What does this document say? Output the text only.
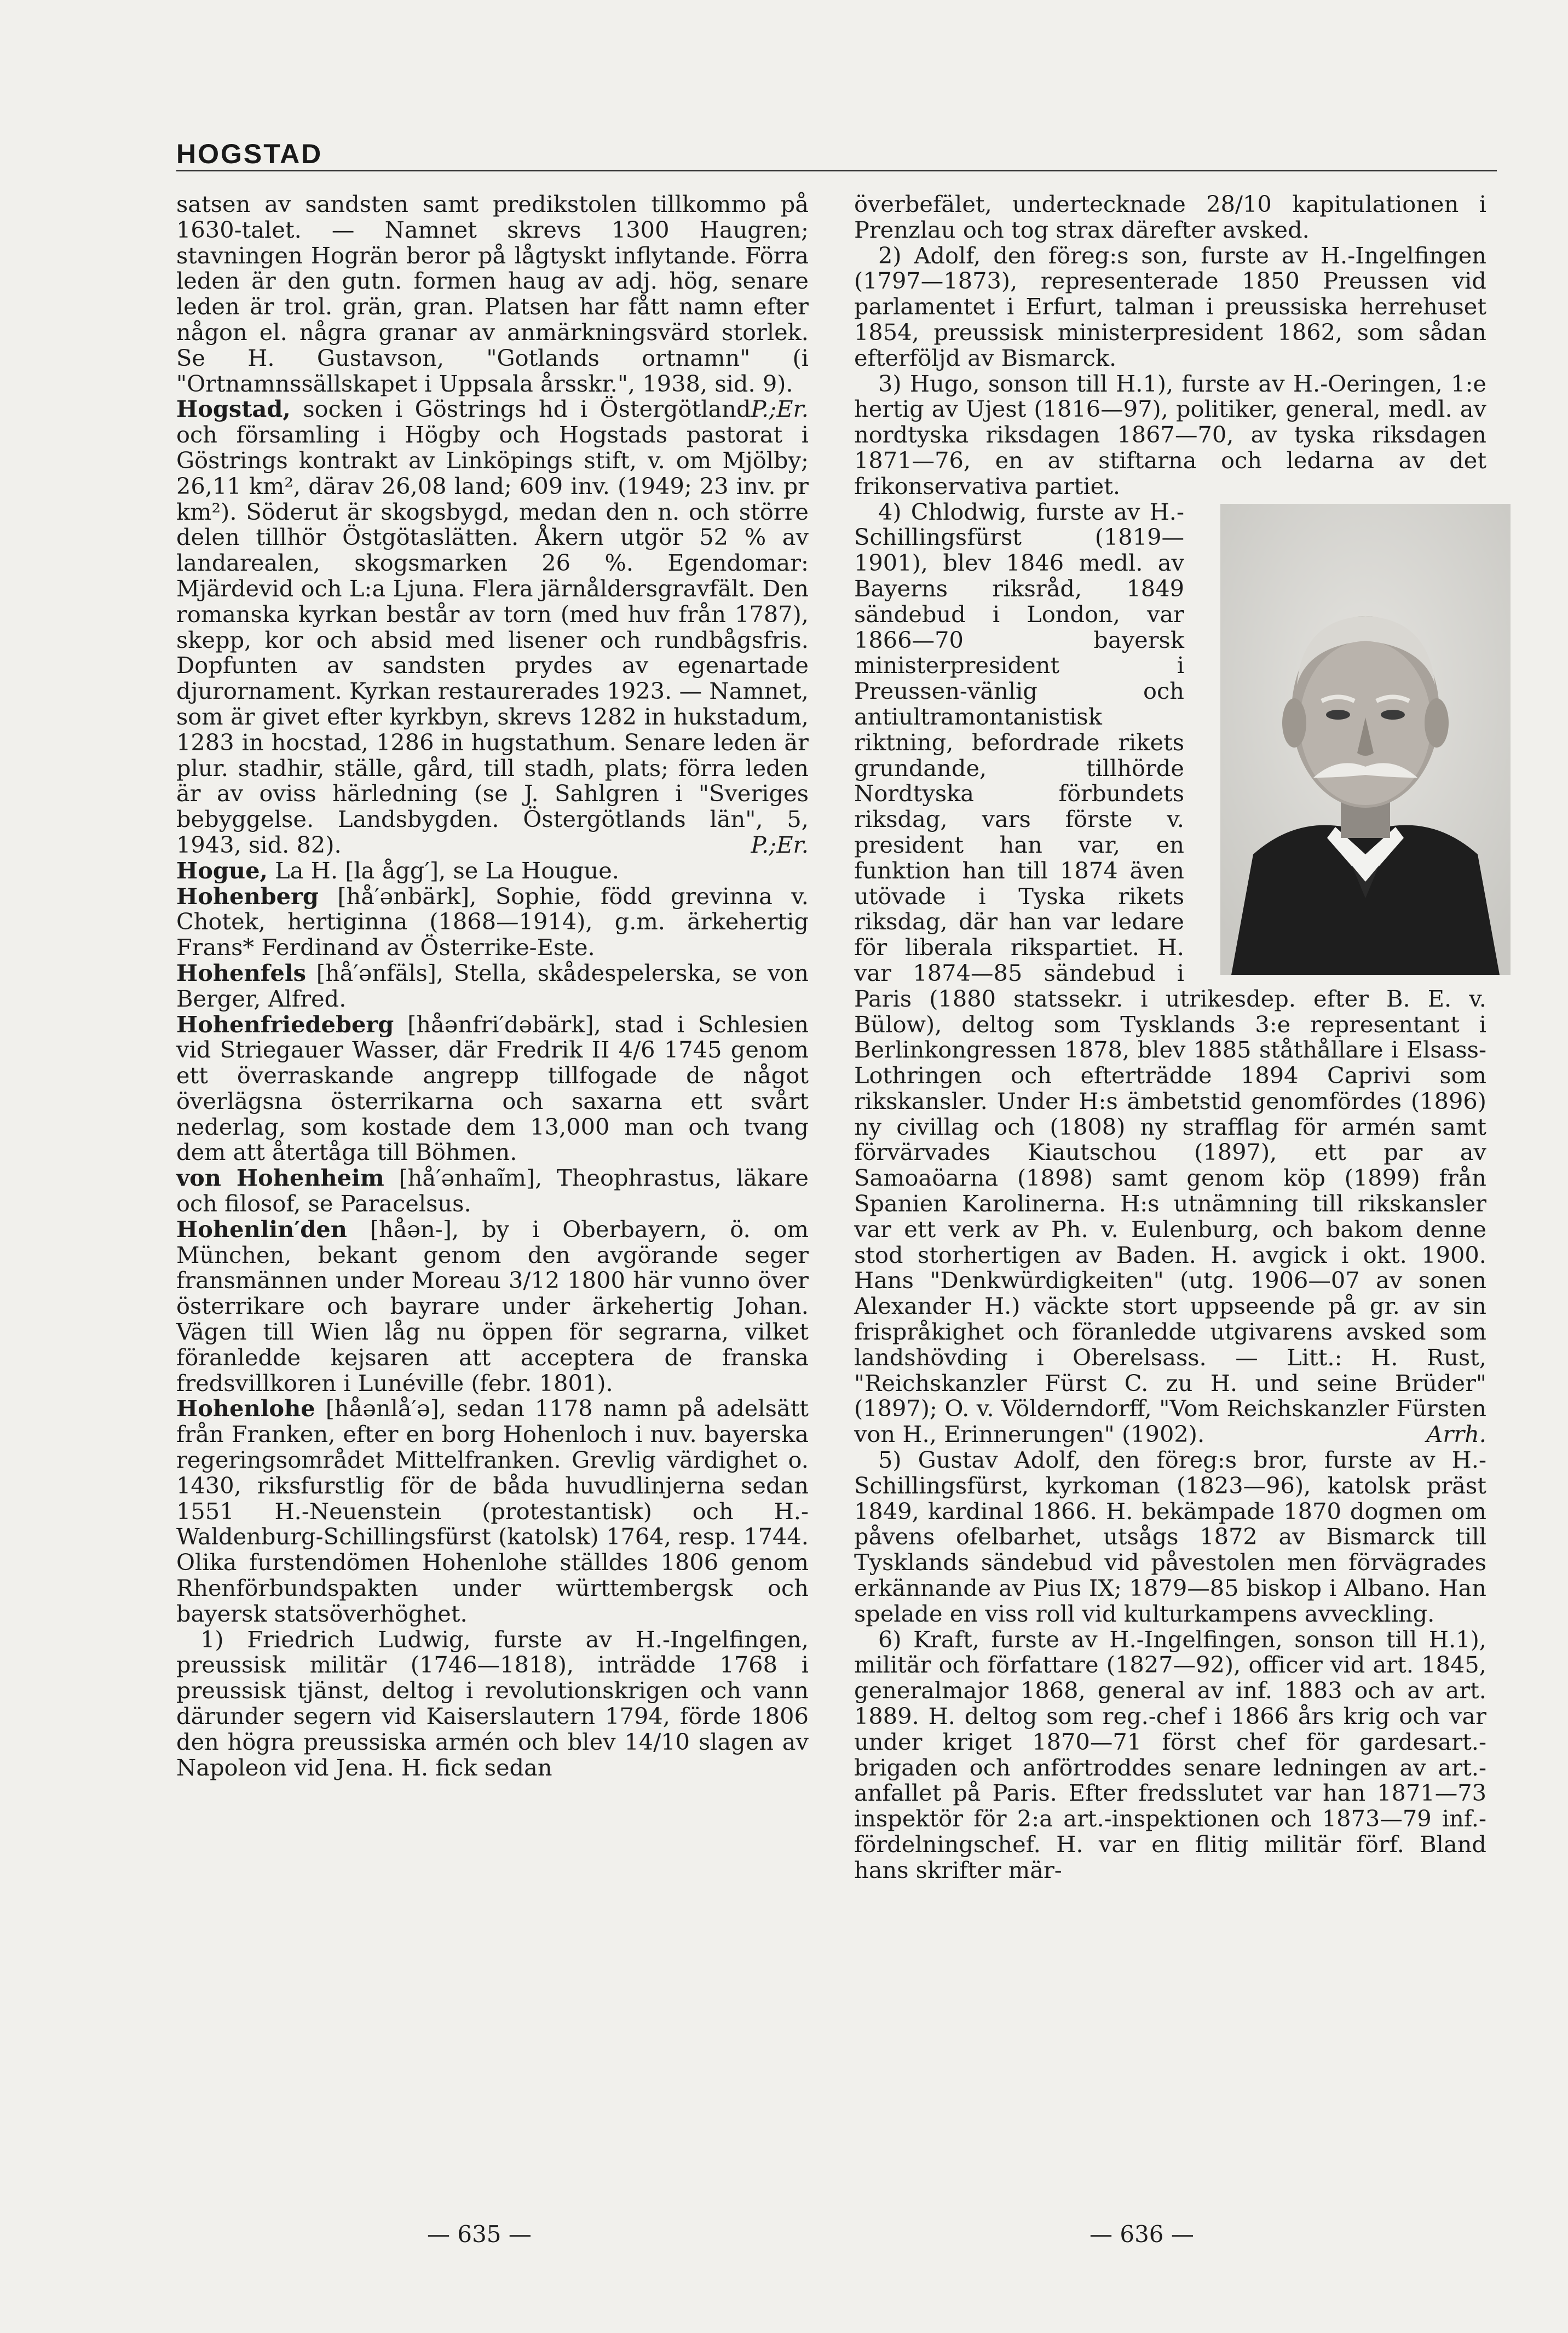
HOGSTAD

satsen av sandsten samt predikstolen tillkommo på 1630-talet. — Namnet skrevs 1300 Haugren; stavningen Hogrän beror på lågtyskt inflytande. Förra leden är den gutn. formen haug av adj. hög, senare leden är trol. grän, gran. Platsen har fått namn efter någon el. några granar av anmärkningsvärd storlek. Se H. Gustavson, "Gotlands ortnamn" (i "Ortnamnssällskapet i Uppsala årsskr.", 1938, sid. 9).
P.;Er.

Hogstad, socken i Göstrings hd i Östergötland och församling i Högby och Hogstads pastorat i Göstrings kontrakt av Linköpings stift, v. om Mjölby; 26,11 km², därav 26,08 land; 609 inv. (1949; 23 inv. pr km²). Söderut är skogsbygd, medan den n. och större delen tillhör Östgötaslätten. Åkern utgör 52 % av landarealen, skogsmarken 26 %. Egendomar: Mjärdevid och L:a Ljuna. Flera järnåldersgravfält. Den romanska kyrkan består av torn (med huv från 1787), skepp, kor och absid med lisener och rundbågsfris. Dopfunten av sandsten prydes av egenartade djurornament. Kyrkan restaurerades 1923. — Namnet, som är givet efter kyrkbyn, skrevs 1282 in hukstadum, 1283 in hocstad, 1286 in hugstathum. Senare leden är plur. stadhir, ställe, gård, till stadh, plats; förra leden är av oviss härledning (se J. Sahlgren i "Sveriges bebyggelse. Landsbygden. Östergötlands län", 5, 1943, sid. 82).	P.;Er.

Hogue, La H. [la ågg′], se La Hougue.

Hohenberg [hå′ənbärk], Sophie, född grevinna v. Chotek, hertiginna (1868—1914), g.m. ärkehertig Frans* Ferdinand av Österrike-Este.

Hohenfels [hå′ənfäls], Stella, skådespelerska, se von Berger, Alfred.

Hohenfriedeberg [håənfri′dəbärk], stad i Schlesien vid Striegauer Wasser, där Fredrik II 4/6 1745 genom ett överraskande angrepp tillfogade de något överlägsna österrikarna och saxarna ett svårt nederlag, som kostade dem 13,000 man och tvang dem att återtåga till Böhmen.

von Hohenheim [hå′ənhaĩm], Theophrastus, läkare och filosof, se Paracelsus.

Hohenlin′den [håən-], by i Oberbayern, ö. om München, bekant genom den avgörande seger fransmännen under Moreau 3/12 1800 här vunno över österrikare och bayrare under ärkehertig Johan. Vägen till Wien låg nu öppen för segrarna, vilket föranledde kejsaren att acceptera de franska fredsvillkoren i Lunéville (febr. 1801).

Hohenlohe [håənlå′ə], sedan 1178 namn på adelsätt från Franken, efter en borg Hohenloch i nuv. bayerska regeringsområdet Mittelfranken. Grevlig värdighet o. 1430, riksfurstlig för de båda huvudlinjerna sedan 1551 H.-Neuenstein (protestantisk) och H.-Waldenburg-Schillingsfürst (katolsk) 1764, resp. 1744. Olika furstendömen Hohenlohe ställdes 1806 genom Rhenförbundspakten under württembergsk och bayersk statsöverhöghet.

1) Friedrich Ludwig, furste av H.-Ingelfingen, preussisk militär (1746—1818), inträdde 1768 i preussisk tjänst, deltog i revolutionskrigen och vann därunder segern vid Kaiserslautern 1794, förde 1806 den högra preussiska armén och blev 14/10 slagen av Napoleon vid Jena. H. fick sedan

överbefälet, undertecknade 28/10 kapitulationen i Prenzlau och tog strax därefter avsked.

2) Adolf, den föreg:s son, furste av H.-Ingelfingen (1797—1873), representerade 1850 Preussen vid parlamentet i Erfurt, talman i preussiska herrehuset 1854, preussisk ministerpresident 1862, som sådan efterföljd av Bismarck.

3) Hugo, sonson till H.1), furste av H.-Oeringen, 1:e hertig av Ujest (1816—97), politiker, general, medl. av nordtyska riksdagen 1867—70, av tyska riksdagen 1871—76, en av stiftarna och ledarna av det frikonservativa partiet.

4) Chlodwig, furste av H.-Schillingsfürst (1819—1901), blev 1846 medl. av Bayerns riksråd, 1849 sändebud i London, var 1866—70 bayersk ministerpresident i Preussen-vänlig och antiultramontanistisk riktning, befordrade rikets grundande, tillhörde Nordtyska förbundets riksdag, vars förste v. president han var, en funktion han till 1874 även utövade i Tyska rikets riksdag, där han var ledare för liberala rikspartiet. H. var 1874—85 sändebud i Paris (1880 statssekr. i utrikesdep. efter B. E. v. Bülow), deltog som Tysklands 3:e representant i Berlinkongressen 1878, blev 1885 ståthållare i Elsass-Lothringen och efterträdde 1894 Caprivi som rikskansler. Under H:s ämbetstid genomfördes (1896) ny civillag och (1808) ny strafflag för armén samt förvärvades Kiautschou (1897), ett par av Samoaöarna (1898) samt genom köp (1899) från Spanien Karolinerna. H:s utnämning till rikskansler var ett verk av Ph. v. Eulenburg, och bakom denne stod storhertigen av Baden. H. avgick i okt. 1900. Hans "Denkwürdigkeiten" (utg. 1906—07 av sonen Alexander H.) väckte stort uppseende på gr. av sin frispråkighet och föranledde utgivarens avsked som landshövding i Oberelsass. — Litt.: H. Rust, "Reichskanzler Fürst C. zu H. und seine Brüder" (1897); O. v. Völderndorff, "Vom Reichskanzler Fürsten von H., Erinnerungen" (1902).	Arrh.

5) Gustav Adolf, den föreg:s bror, furste av H.-Schillingsfürst, kyrkoman (1823—96), katolsk präst 1849, kardinal 1866. H. bekämpade 1870 dogmen om påvens ofelbarhet, utsågs 1872 av Bismarck till Tysklands sändebud vid påvestolen men förvägrades erkännande av Pius IX; 1879—85 biskop i Albano. Han spelade en viss roll vid kulturkampens avveckling.

6) Kraft, furste av H.-Ingelfingen, sonson till H.1), militär och författare (1827—92), officer vid art. 1845, generalmajor 1868, general av inf. 1883 och av art. 1889. H. deltog som reg.-chef i 1866 års krig och var under kriget 1870—71 först chef för gardesart.-brigaden och anförtroddes senare ledningen av art.-anfallet på Paris. Efter fredsslutet var han 1871—73 inspektör för 2:a art.-inspektionen och 1873—79 inf.-fördelningschef. H. var en flitig militär förf. Bland hans skrifter mär-

— 635 —	— 636 —
